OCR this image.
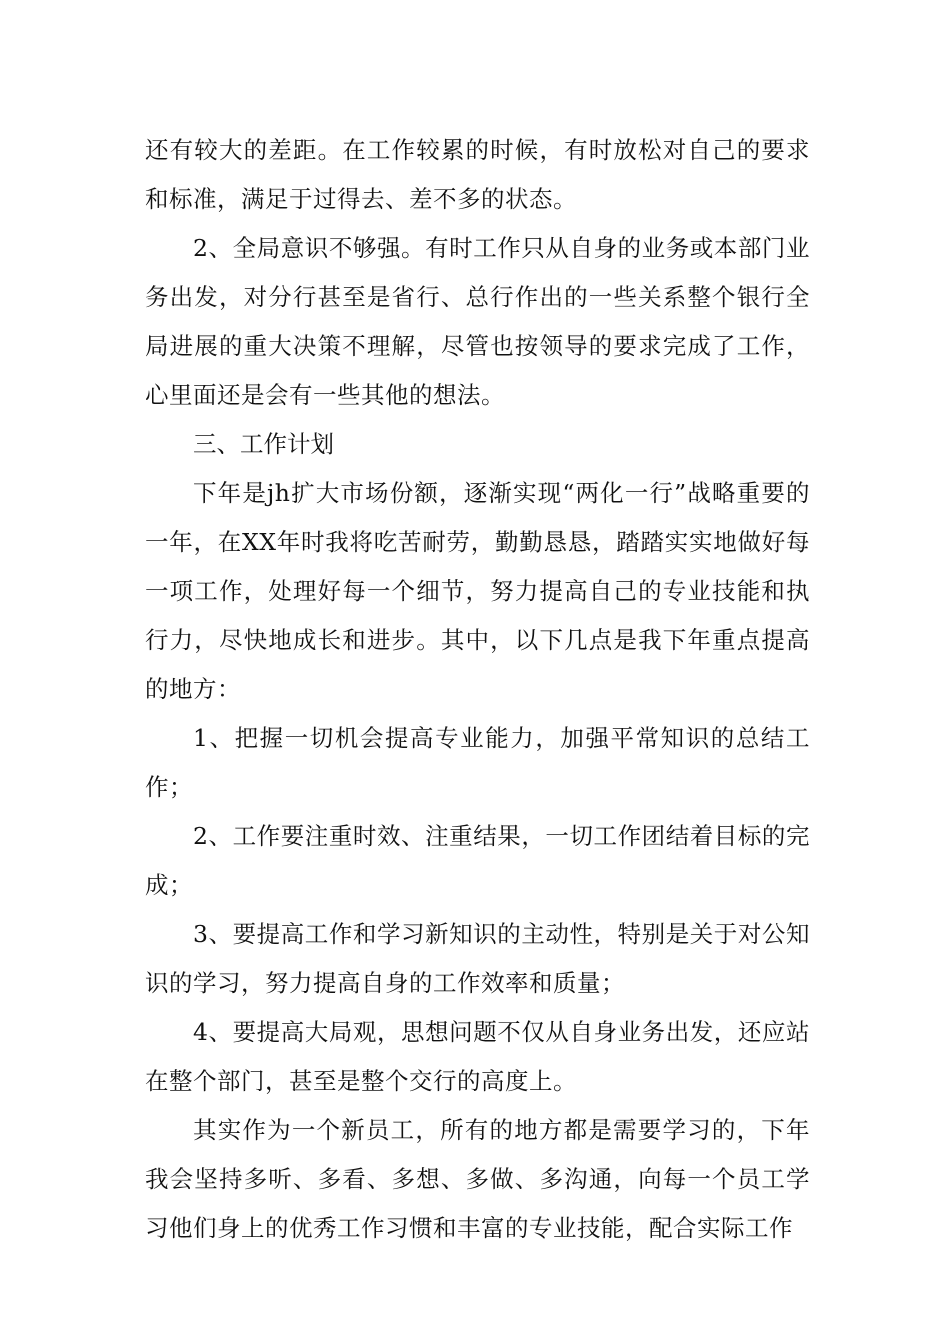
还有较大的差距。在工作较累的时候，有时放松对自己的要求和标准，满足于过得去、差不多的状态。

2、全局意识不够强。有时工作只从自身的业务或本部门业务出发，对分行甚至是省行、总行作出的一些关系整个银行全局进展的重大决策不理解，尽管也按领导的要求完成了工作，心里面还是会有一些其他的想法。

三、工作计划

下年是jh扩大市场份额，逐渐实现“两化一行”战略重要的一年，在XX年时我将吃苦耐劳，勤勤恳恳，踏踏实实地做好每一项工作，处理好每一个细节，努力提高自己的专业技能和执行力，尽快地成长和进步。其中，以下几点是我下年重点提高的地方：

1、把握一切机会提高专业能力，加强平常知识的总结工作；

2、工作要注重时效、注重结果，一切工作团结着目标的完成；

3、要提高工作和学习新知识的主动性，特别是关于对公知识的学习，努力提高自身的工作效率和质量；

4、要提高大局观，思想问题不仅从自身业务出发，还应站在整个部门，甚至是整个交行的高度上。

其实作为一个新员工，所有的地方都是需要学习的，下年我会坚持多听、多看、多想、多做、多沟通，向每一个员工学习他们身上的优秀工作习惯和丰富的专业技能，配合实际工作
